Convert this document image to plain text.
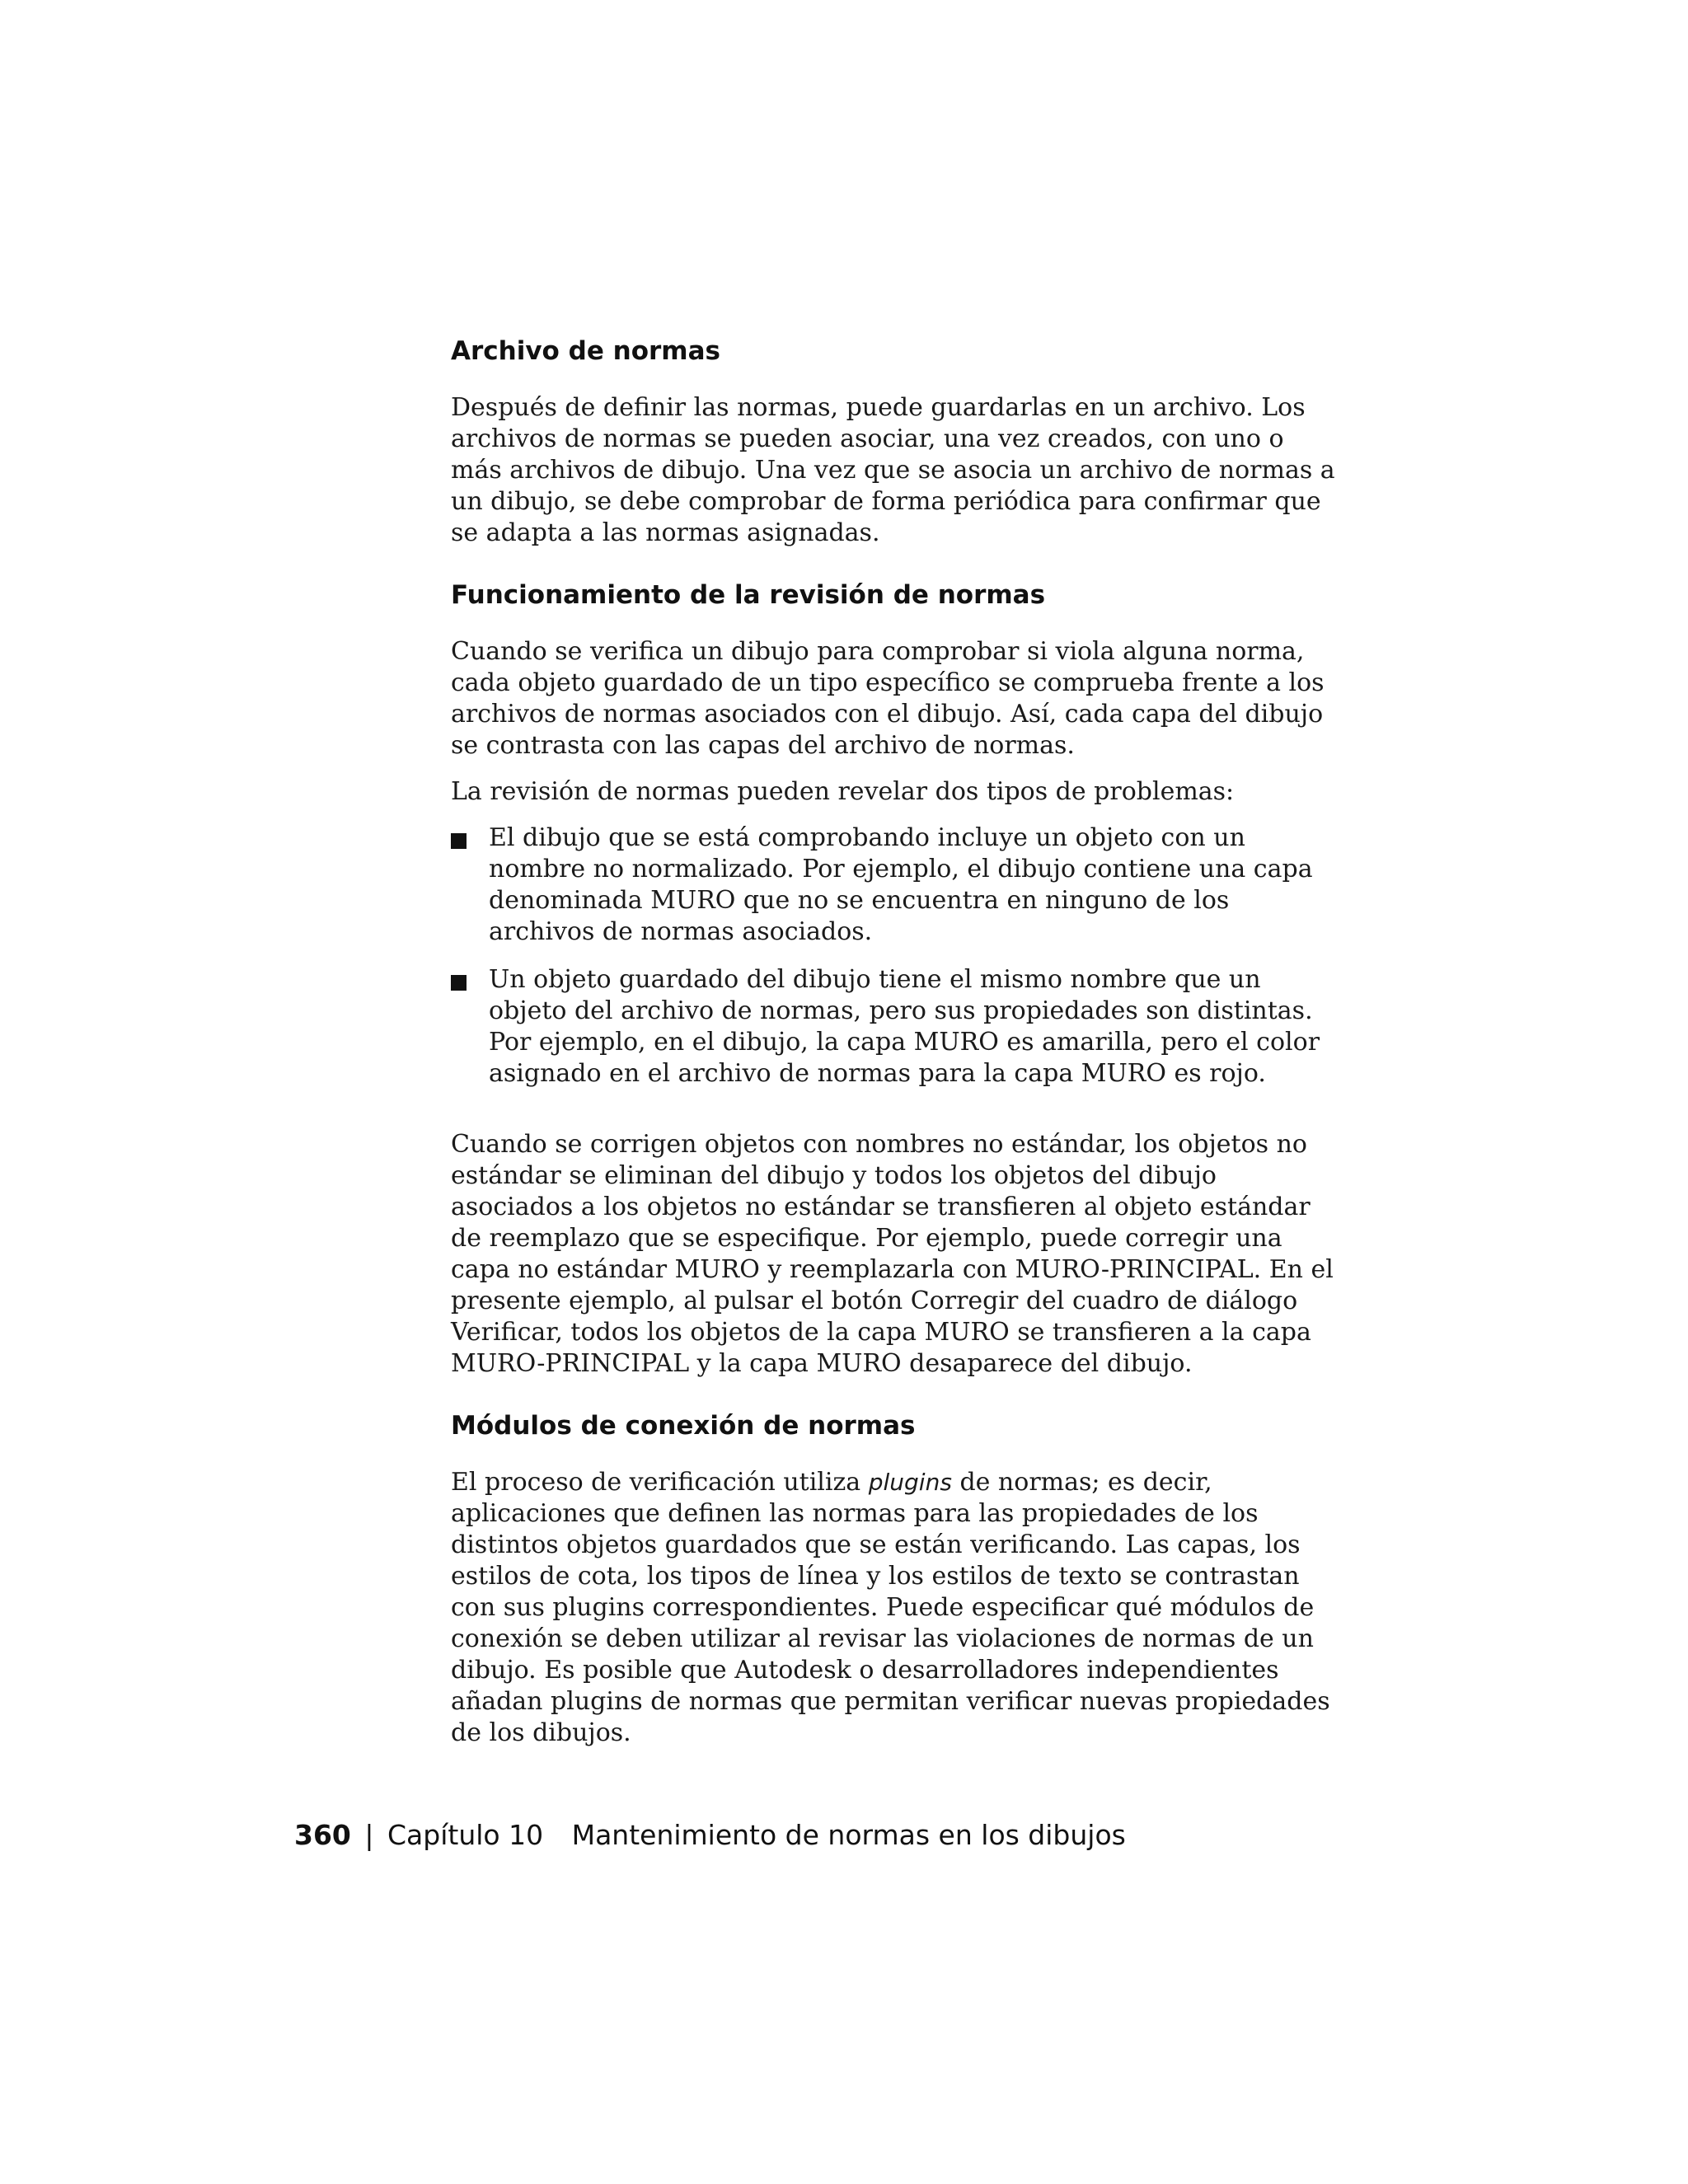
Archivo de normas

Después de definir las normas, puede guardarlas en un archivo. Los archivos de normas se pueden asociar, una vez creados, con uno o más archivos de dibujo. Una vez que se asocia un archivo de normas a un dibujo, se debe comprobar de forma periódica para confirmar que se adapta a las normas asignadas.

Funcionamiento de la revisión de normas

Cuando se verifica un dibujo para comprobar si viola alguna norma, cada objeto guardado de un tipo específico se comprueba frente a los archivos de normas asociados con el dibujo. Así, cada capa del dibujo se contrasta con las capas del archivo de normas.

La revisión de normas pueden revelar dos tipos de problemas:

El dibujo que se está comprobando incluye un objeto con un nombre no normalizado. Por ejemplo, el dibujo contiene una capa denominada MURO que no se encuentra en ninguno de los archivos de normas asociados.
Un objeto guardado del dibujo tiene el mismo nombre que un objeto del archivo de normas, pero sus propiedades son distintas. Por ejemplo, en el dibujo, la capa MURO es amarilla, pero el color asignado en el archivo de normas para la capa MURO es rojo.

Cuando se corrigen objetos con nombres no estándar, los objetos no estándar se eliminan del dibujo y todos los objetos del dibujo asociados a los objetos no estándar se transfieren al objeto estándar de reemplazo que se especifique. Por ejemplo, puede corregir una capa no estándar MURO y reemplazarla con MURO-PRINCIPAL. En el presente ejemplo, al pulsar el botón Corregir del cuadro de diálogo Verificar, todos los objetos de la capa MURO se transfieren a la capa MURO-PRINCIPAL y la capa MURO desaparece del dibujo.

Módulos de conexión de normas

El proceso de verificación utiliza plugins de normas; es decir, aplicaciones que definen las normas para las propiedades de los distintos objetos guardados que se están verificando. Las capas, los estilos de cota, los tipos de línea y los estilos de texto se contrastan con sus plugins correspondientes. Puede especificar qué módulos de conexión se deben utilizar al revisar las violaciones de normas de un dibujo. Es posible que Autodesk o desarrolladores independientes añadan plugins de normas que permitan verificar nuevas propiedades de los dibujos.

360 | Capítulo 10 Mantenimiento de normas en los dibujos
